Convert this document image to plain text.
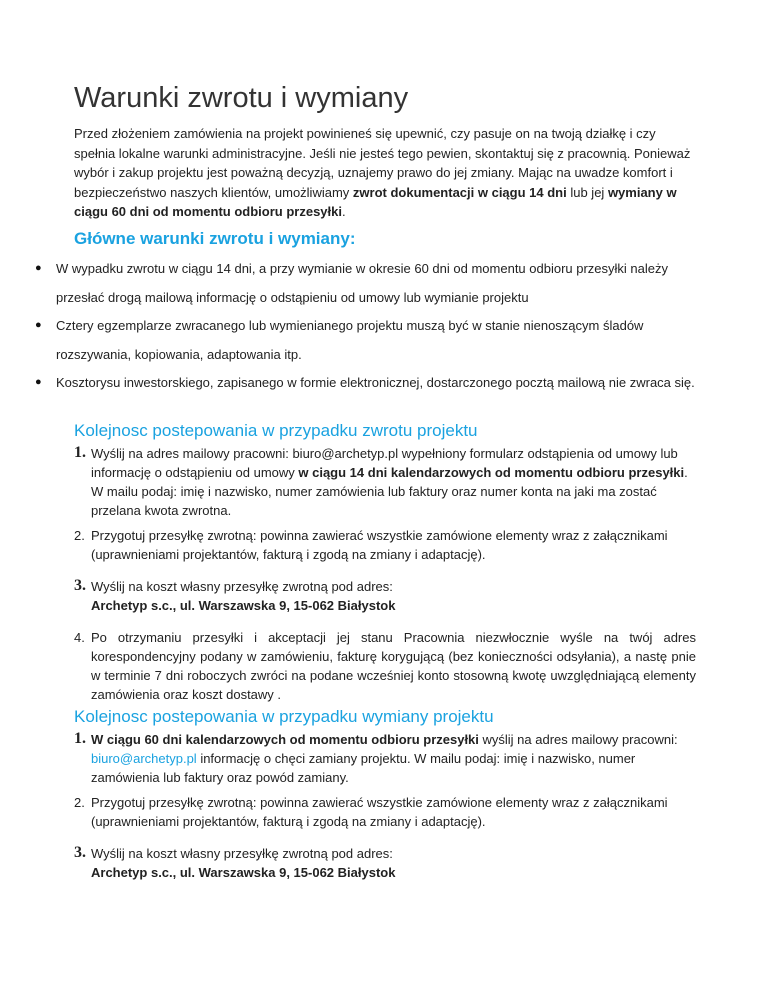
Warunki zwrotu i wymiany

Przed złożeniem zamówienia na projekt powinieneś się upewnić, czy pasuje on na twoją działkę i czy spełnia lokalne warunki administracyjne. Jeśli nie jesteś tego pewien, skontaktuj się z pracownią. Ponieważ wybór i zakup projektu jest poważną decyzją, uznajemy prawo do jej zmiany. Mając na uwadze komfort i bezpieczeństwo naszych klientów, umożliwiamy zwrot dokumentacji w ciągu 14 dni lub jej wymiany w ciągu 60 dni od momentu odbioru przesyłki.

Główne warunki zwrotu i wymiany:
● W wypadku zwrotu w ciągu 14 dni, a przy wymianie w okresie 60 dni od momentu odbioru przesyłki należy przesłać drogą mailową informację o odstąpieniu od umowy lub wymianie projektu
● Cztery egzemplarze zwracanego lub wymienianego projektu muszą być w stanie nienoszącym śladów rozszywania, kopiowania, adaptowania itp.
● Kosztorysu inwestorskiego, zapisanego w formie elektronicznej, dostarczonego pocztą mailową nie zwraca się.
Kolejnosc postepowania w przypadku zwrotu projektu
1. Wyślij na adres mailowy pracowni: biuro@archetyp.pl wypełniony formularz odstąpienia od umowy lub informację o odstąpieniu od umowy w ciągu 14 dni kalendarzowych od momentu odbioru przesyłki. W mailu podaj: imię i nazwisko, numer zamówienia lub faktury oraz numer konta na jaki ma zostać przelana kwota zwrotna.
2. Przygotuj przesyłkę zwrotną: powinna zawierać wszystkie zamówione elementy wraz z załącznikami (uprawnieniami projektantów, fakturą i zgodą na zmiany i adaptację).
3. Wyślij na koszt własny przesyłkę zwrotną pod adres:
Archetyp s.c., ul. Warszawska 9, 15-062 Białystok
4. Po otrzymaniu przesyłki i akceptacji jej stanu Pracownia niezwłocznie wyśle na twój adres korespondencyjny podany w zamówieniu, fakturę korygującą (bez konieczności odsyłania), a nastę pnie w terminie 7 dni roboczych zwróci na podane wcześniej konto stosowną kwotę uwzględniającą elementy zamówienia oraz koszt dostawy .
Kolejnosc postepowania w przypadku wymiany projektu
1. W ciągu 60 dni kalendarzowych od momentu odbioru przesyłki wyślij na adres mailowy pracowni: biuro@archetyp.pl informację o chęci zamiany projektu. W mailu podaj: imię i nazwisko, numer zamówienia lub faktury oraz powód zamiany.
2. Przygotuj przesyłkę zwrotną: powinna zawierać wszystkie zamówione elementy wraz z załącznikami (uprawnieniami projektantów, fakturą i zgodą na zmiany i adaptację).
3. Wyślij na koszt własny przesyłkę zwrotną pod adres:
Archetyp s.c., ul. Warszawska 9, 15-062 Białystok
